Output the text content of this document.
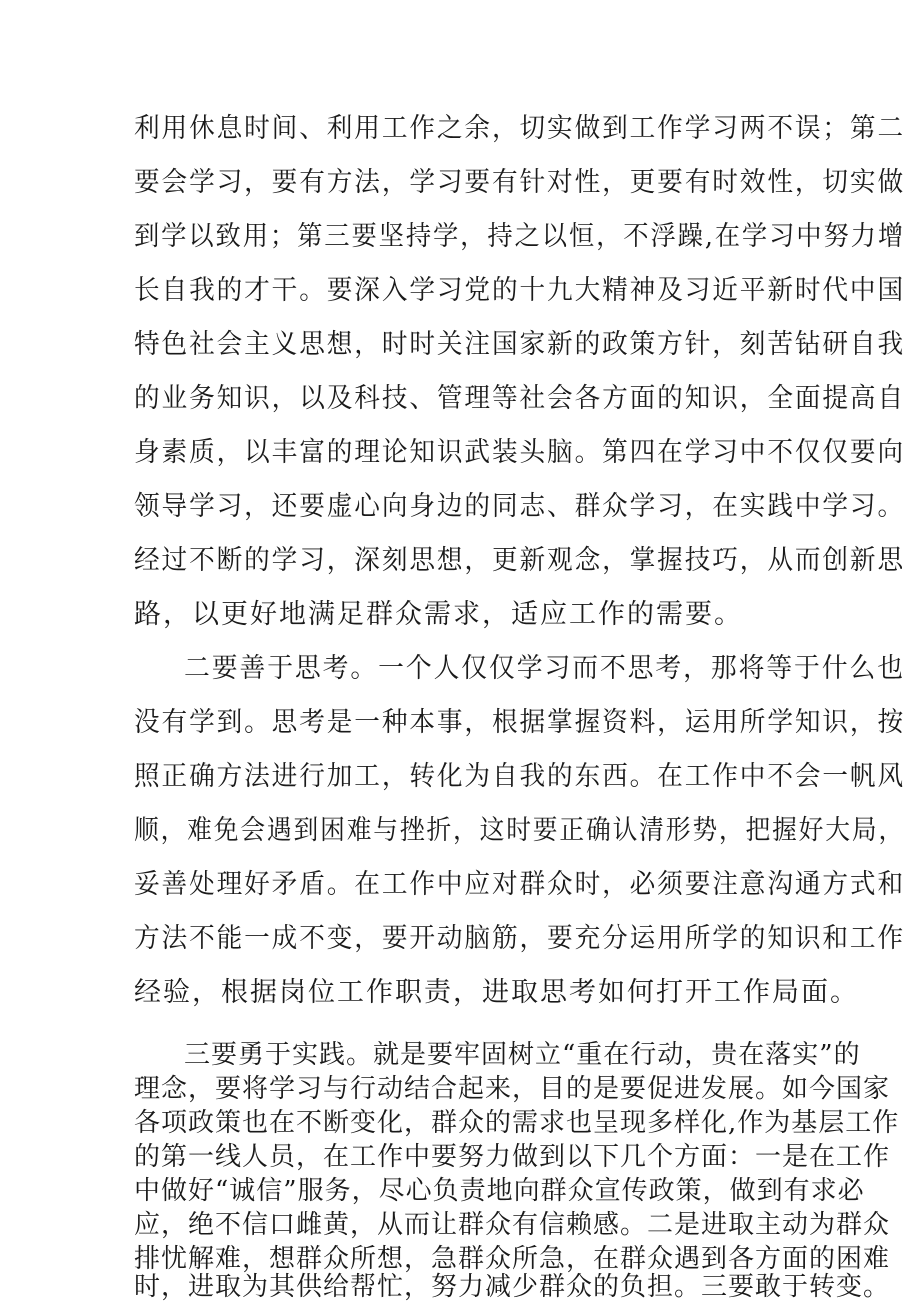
利用休息时间、利用工作之余，切实做到工作学习两不误；第二
要会学习，要有方法，学习要有针对性，更要有时效性，切实做
到学以致用；第三要坚持学，持之以恒，不浮躁,在学习中努力增
长自我的才干。要深入学习党的十九大精神及习近平新时代中国
特色社会主义思想，时时关注国家新的政策方针，刻苦钻研自我
的业务知识，以及科技、管理等社会各方面的知识，全面提高自
身素质，以丰富的理论知识武装头脑。第四在学习中不仅仅要向
领导学习，还要虚心向身边的同志、群众学习，在实践中学习。
经过不断的学习，深刻思想，更新观念，掌握技巧，从而创新思
路，以更好地满足群众需求，适应工作的需要。
二要善于思考。一个人仅仅学习而不思考，那将等于什么也
没有学到。思考是一种本事，根据掌握资料，运用所学知识，按
照正确方法进行加工，转化为自我的东西。在工作中不会一帆风
顺，难免会遇到困难与挫折，这时要正确认清形势，把握好大局，
妥善处理好矛盾。在工作中应对群众时，必须要注意沟通方式和
方法不能一成不变，要开动脑筋，要充分运用所学的知识和工作
经验，根据岗位工作职责，进取思考如何打开工作局面。
三要勇于实践。就是要牢固树立“重在行动，贵在落实”的
理念，要将学习与行动结合起来，目的是要促进发展。如今国家
各项政策也在不断变化，群众的需求也呈现多样化,作为基层工作
的第一线人员，在工作中要努力做到以下几个方面：一是在工作
中做好“诚信”服务，尽心负责地向群众宣传政策，做到有求必
应，绝不信口雌黄，从而让群众有信赖感。二是进取主动为群众
排忧解难，想群众所想，急群众所急，在群众遇到各方面的困难
时，进取为其供给帮忙，努力减少群众的负担。三要敢于转变。
